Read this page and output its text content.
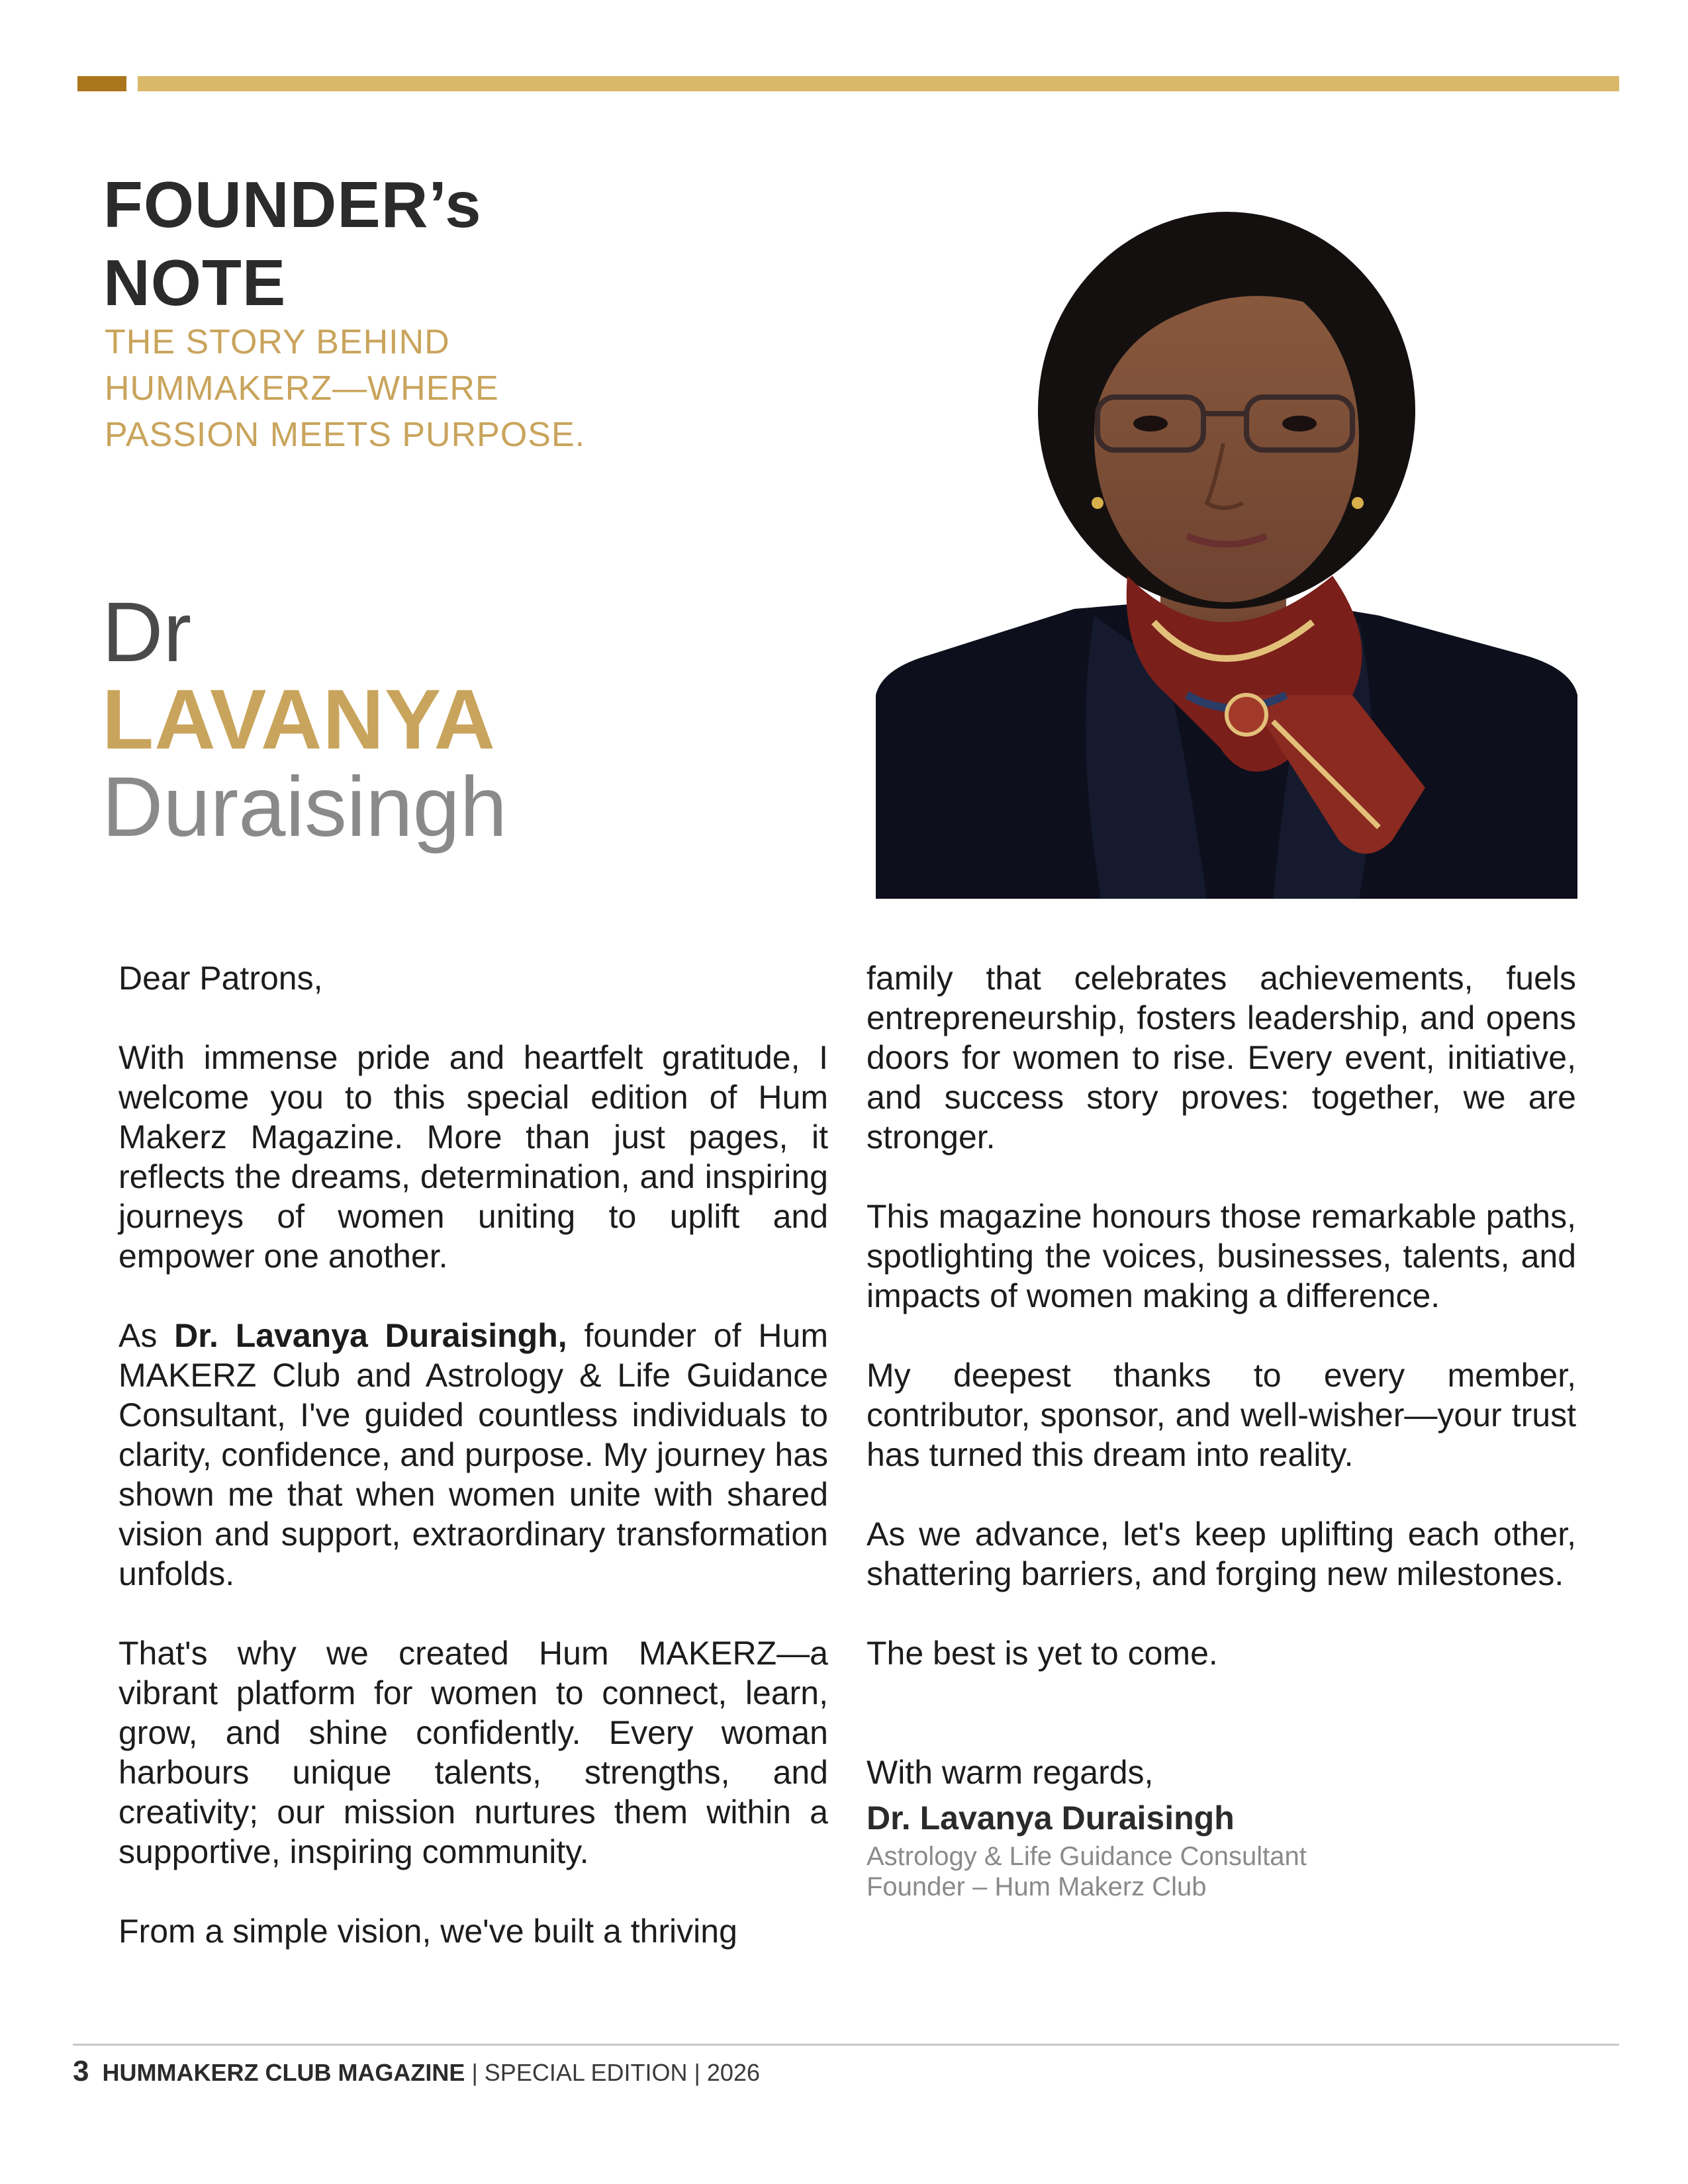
FOUNDER’s
NOTE
THE STORY BEHIND
HUMMAKERZ—WHERE
PASSION MEETS PURPOSE.
Dr
LAVANYA
Duraisingh

Dear Patrons,

With immense pride and heartfelt gratitude, I welcome you to this special edition of Hum Makerz Magazine. More than just pages, it reflects the dreams, determination, and inspiring journeys of women uniting to uplift and empower one another.

As Dr. Lavanya Duraisingh, founder of Hum MAKERZ Club and Astrology & Life Guidance Consultant, I've guided countless individuals to clarity, confidence, and purpose. My journey has shown me that when women unite with shared vision and support, extraordinary transformation unfolds.

That's why we created Hum MAKERZ—a vibrant platform for women to connect, learn, grow, and shine confidently. Every woman harbours unique talents, strengths, and creativity; our mission nurtures them within a supportive, inspiring community.

From a simple vision, we've built a thriving

family that celebrates achievements, fuels entrepreneurship, fosters leadership, and opens doors for women to rise. Every event, initiative, and success story proves: together, we are stronger.

This magazine honours those remarkable paths, spotlighting the voices, businesses, talents, and impacts of women making a difference.

My deepest thanks to every member, contributor, sponsor, and well-wisher—your trust has turned this dream into reality.

As we advance, let's keep uplifting each other, shattering barriers, and forging new milestones.

The best is yet to come.

With warm regards,

Dr. Lavanya Duraisingh
Astrology & Life Guidance Consultant
Founder – Hum Makerz Club
3 HUMMAKERZ CLUB MAGAZINE | SPECIAL EDITION | 2026
